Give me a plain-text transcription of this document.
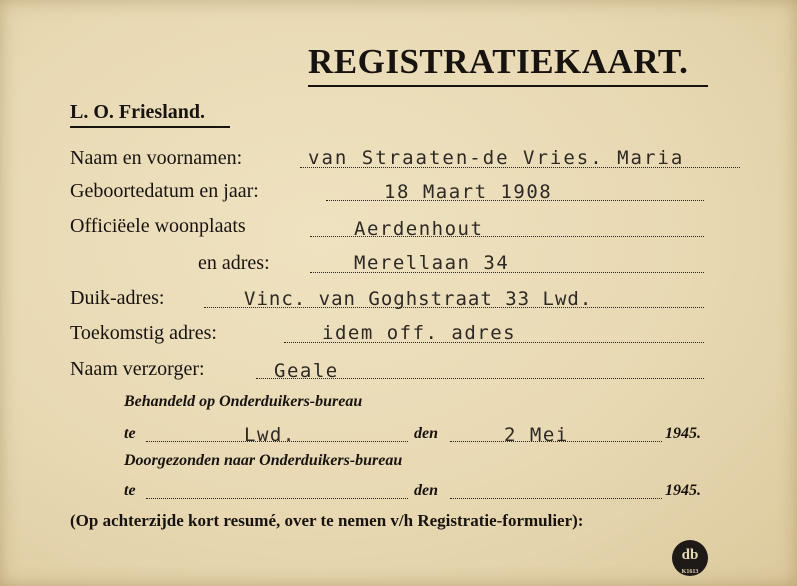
REGISTRATIEKAART.
L. O. Friesland.
Naam en voornamen:	van Straaten-de Vries. Maria
Geboortedatum en jaar:	18 Maart 1908
Officiëele woonplaats	Aerdenhout
en adres:	Merellaan 34
Duik-adres:	Vinc. van Goghstraat 33 Lwd.
Toekomstig adres:	idem off. adres
Naam verzorger:	Geale
Behandeld op Onderduikers-bureau
te	Lwd.	den	2 Mei	1945.
Doorgezonden naar Onderduikers-bureau
te	den	1945.
(Op achterzijde kort resumé, over te nemen v/h Registratie-formulier):
db
K1613
